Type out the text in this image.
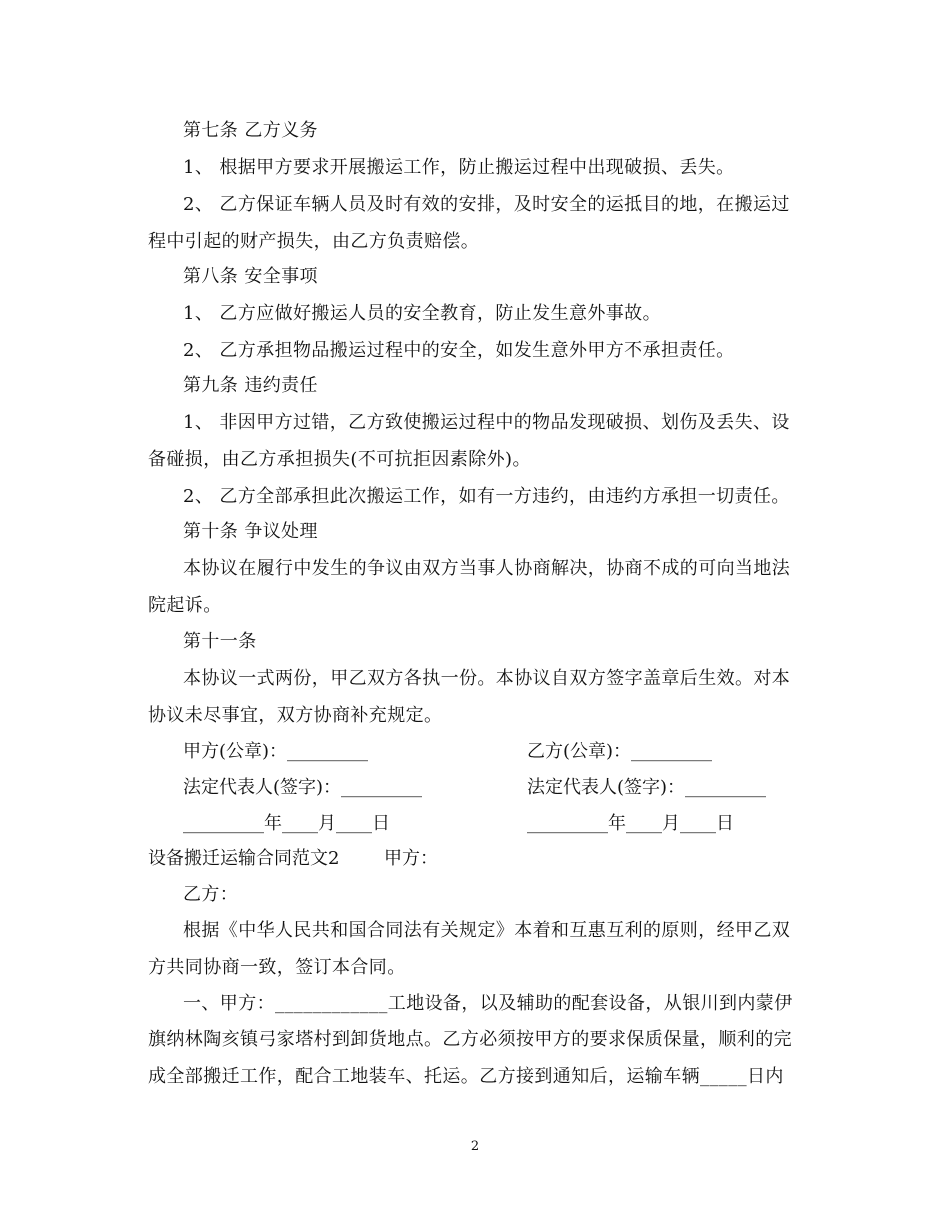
第七条 乙方义务
1、 根据甲方要求开展搬运工作，防止搬运过程中出现破损、丢失。
2、 乙方保证车辆人员及时有效的安排，及时安全的运抵目的地，在搬运过
程中引起的财产损失，由乙方负责赔偿。
第八条 安全事项
1、 乙方应做好搬运人员的安全教育，防止发生意外事故。
2、 乙方承担物品搬运过程中的安全，如发生意外甲方不承担责任。
第九条 违约责任
1、 非因甲方过错，乙方致使搬运过程中的物品发现破损、划伤及丢失、设
备碰损，由乙方承担损失(不可抗拒因素除外)。
2、 乙方全部承担此次搬运工作，如有一方违约，由违约方承担一切责任。
第十条 争议处理
本协议在履行中发生的争议由双方当事人协商解决，协商不成的可向当地法
院起诉。
第十一条
本协议一式两份，甲乙双方各执一份。本协议自双方签字盖章后生效。对本
协议未尽事宜，双方协商补充规定。
甲方(公章)：_________	乙方(公章)：_________
法定代表人(签字)：_________	法定代表人(签字)：_________
_________年____月____日	_________年____月____日
设备搬迁运输合同范文2 甲方：
乙方：
根据《中华人民共和国合同法有关规定》本着和互惠互利的原则，经甲乙双
方共同协商一致，签订本合同。
一、甲方：____________工地设备，以及辅助的配套设备，从银川到内蒙伊
旗纳林陶亥镇弓家塔村到卸货地点。乙方必须按甲方的要求保质保量，顺利的完
成全部搬迁工作，配合工地装车、托运。乙方接到通知后，运输车辆_____日内
2
